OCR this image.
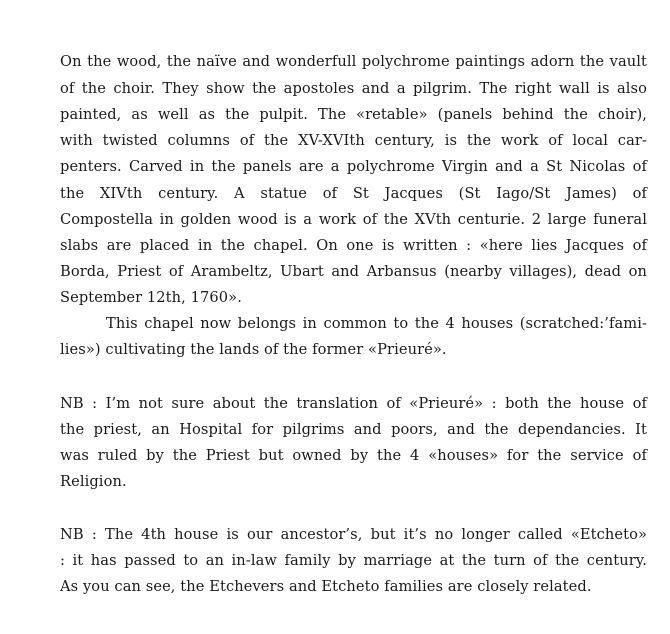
On the wood, the naïve and wonderfull polychrome paintings adorn the vault
of the choir. They show the apostoles and a pilgrim. The right wall is also
painted, as well as the pulpit. The «retable» (panels behind the choir),
with twisted columns of the XV-XVIth century, is the work of local car-
penters. Carved in the panels are a polychrome Virgin and a St Nicolas of
the XIVth century. A statue of St Jacques (St Iago/St James) of
Compostella in golden wood is a work of the XVth centurie. 2 large funeral
slabs are placed in the chapel. On one is written : «here lies Jacques of
Borda, Priest of Arambeltz, Ubart and Arbansus (nearby villages), dead on
September 12th, 1760».
This chapel now belongs in common to the 4 houses (scratched:’fami-
lies») cultivating the lands of the former «Prieuré».
NB : I’m not sure about the translation of «Prieuré» : both the house of
the priest, an Hospital for pilgrims and poors, and the dependancies. It
was ruled by the Priest but owned by the 4 «houses» for the service of
Religion.
NB : The 4th house is our ancestor’s, but it’s no longer called «Etcheto»
: it has passed to an in-law family by marriage at the turn of the century.
As you can see, the Etchevers and Etcheto families are closely related.
